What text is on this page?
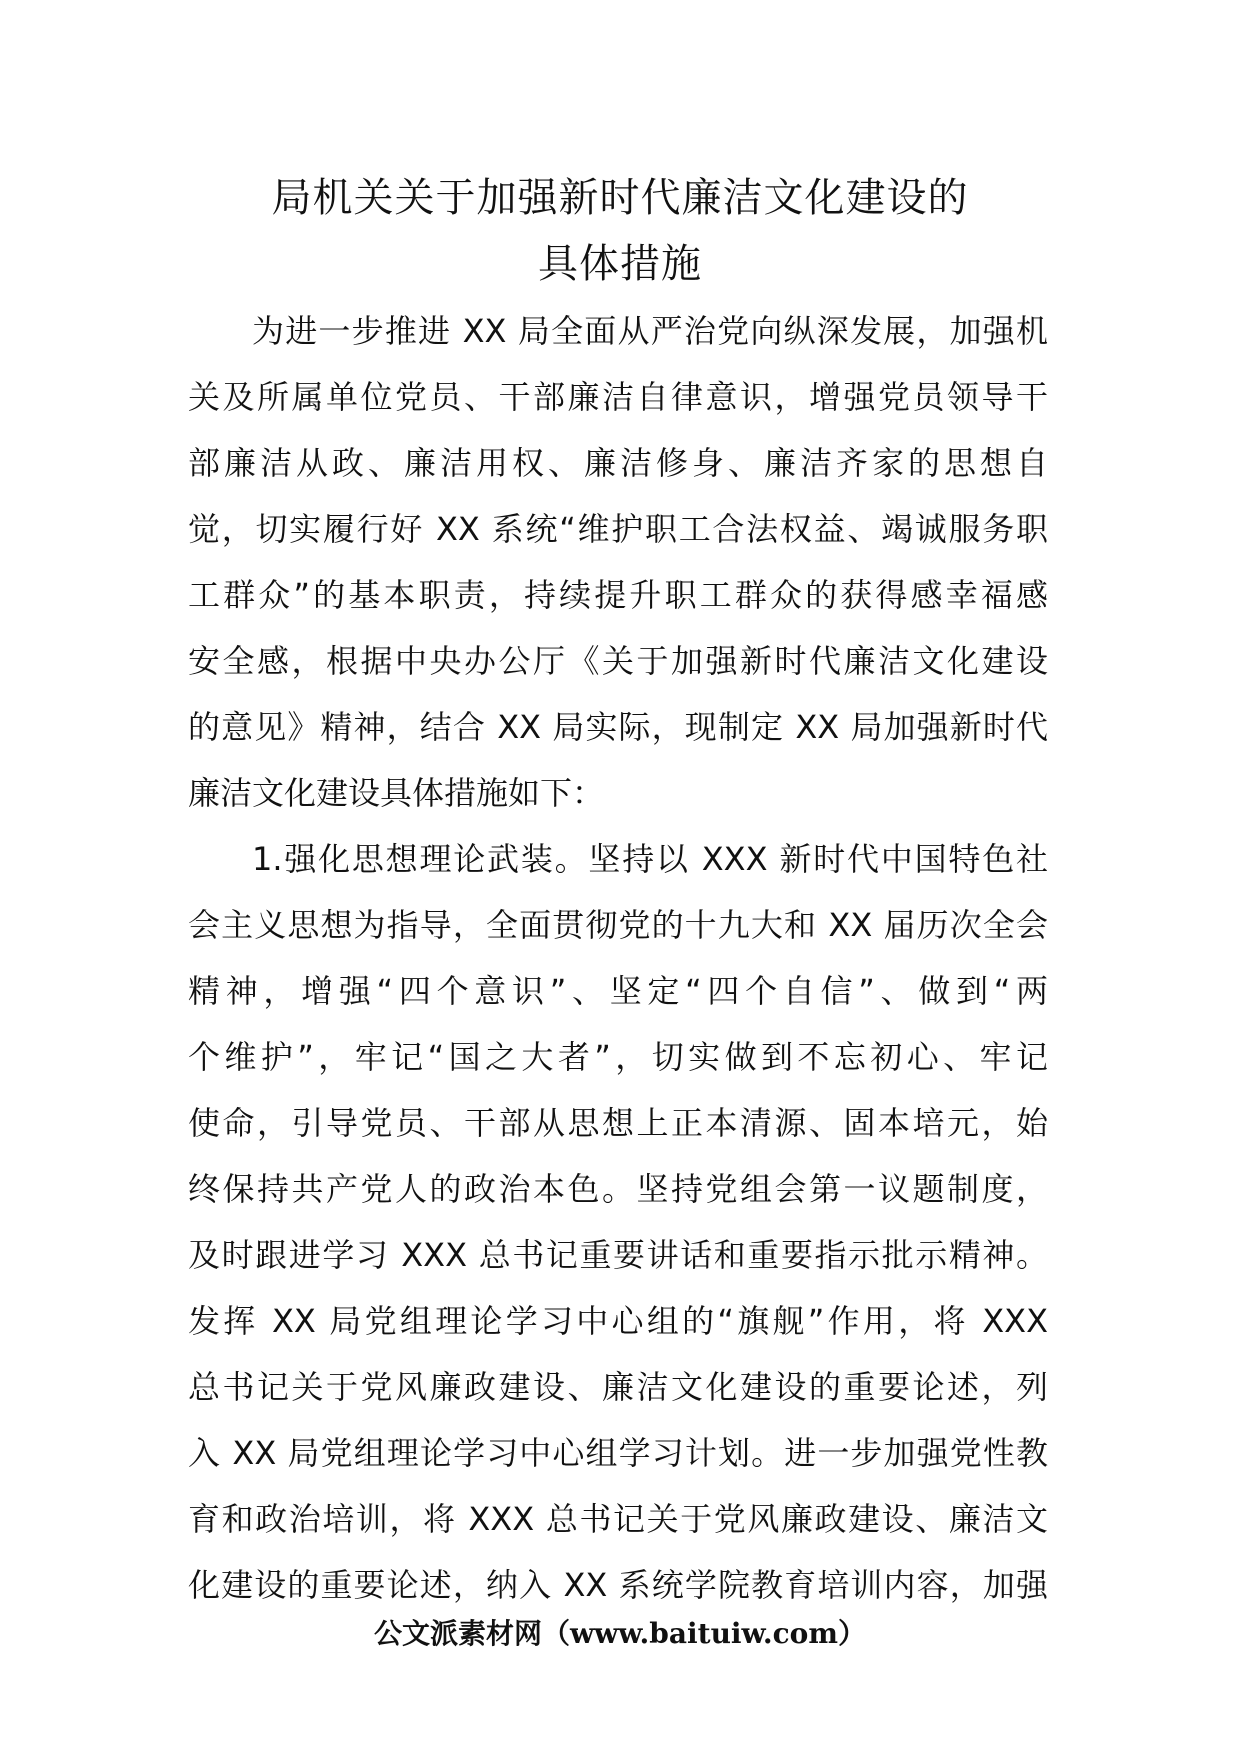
局机关关于加强新时代廉洁文化建设的
具体措施
为进一步推进 XX 局全面从严治党向纵深发展，加强机
关及所属单位党员、干部廉洁自律意识，增强党员领导干
部廉洁从政、廉洁用权、廉洁修身、廉洁齐家的思想自
觉，切实履行好 XX 系统“维护职工合法权益、竭诚服务职
工群众”的基本职责，持续提升职工群众的获得感幸福感
安全感，根据中央办公厅《关于加强新时代廉洁文化建设
的意见》精神，结合 XX 局实际，现制定 XX 局加强新时代
廉洁文化建设具体措施如下：
1.强化思想理论武装。坚持以 XXX 新时代中国特色社
会主义思想为指导，全面贯彻党的十九大和 XX 届历次全会
精神，增强“四个意识”、坚定“四个自信”、做到“两
个维护”，牢记“国之大者”，切实做到不忘初心、牢记
使命，引导党员、干部从思想上正本清源、固本培元，始
终保持共产党人的政治本色。坚持党组会第一议题制度，
及时跟进学习 XXX 总书记重要讲话和重要指示批示精神。
发挥 XX 局党组理论学习中心组的“旗舰”作用，将 XXX
总书记关于党风廉政建设、廉洁文化建设的重要论述，列
入 XX 局党组理论学习中心组学习计划。进一步加强党性教
育和政治培训，将 XXX 总书记关于党风廉政建设、廉洁文
化建设的重要论述，纳入 XX 系统学院教育培训内容，加强
公文派素材网（www.baituiw.com）
